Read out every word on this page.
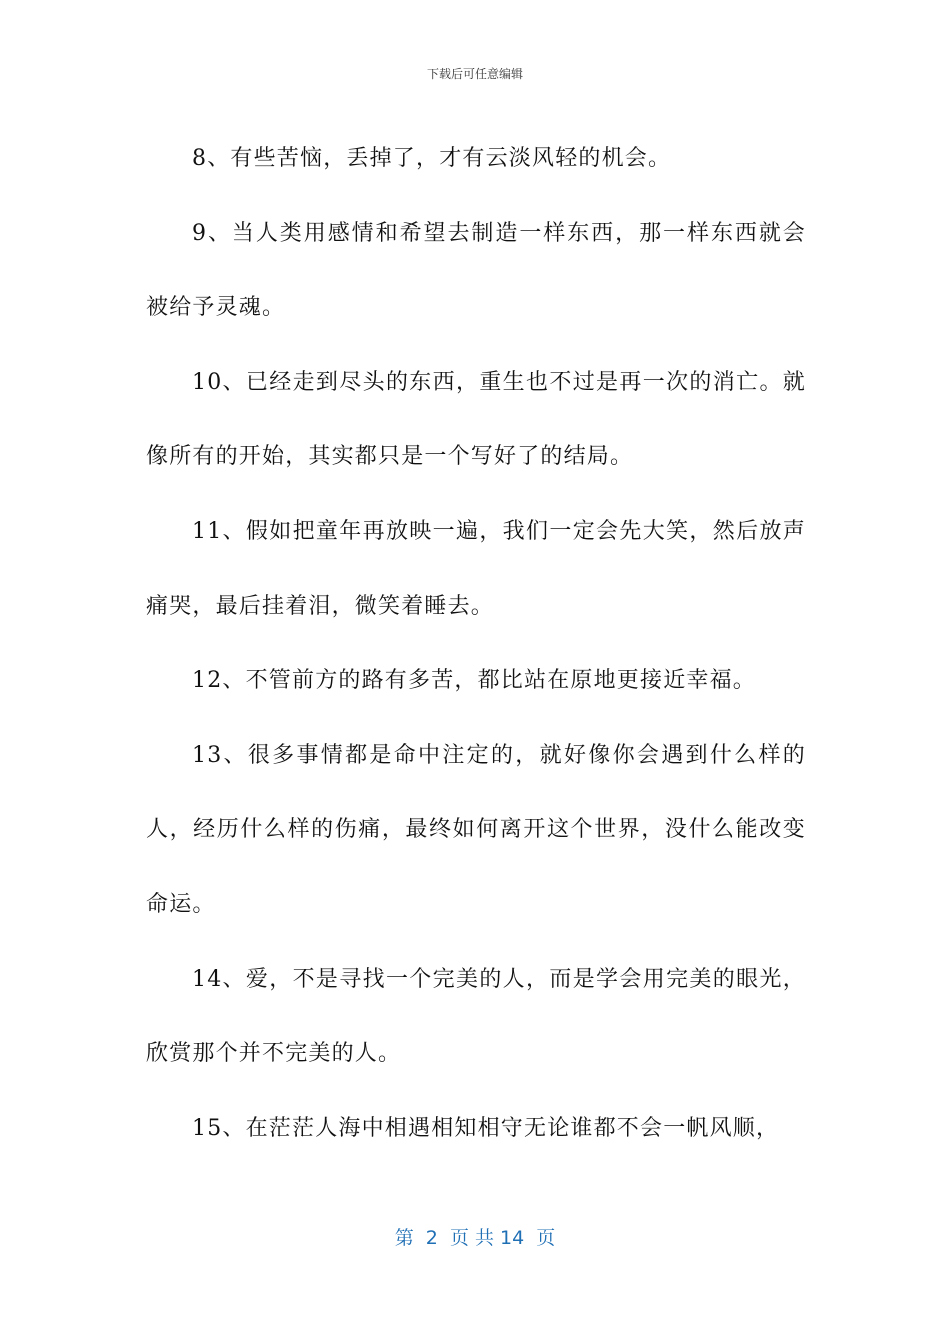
下载后可任意编辑

8、有些苦恼，丢掉了，才有云淡风轻的机会。

9、当人类用感情和希望去制造一样东西，那一样东西就会被给予灵魂。

10、已经走到尽头的东西，重生也不过是再一次的消亡。就像所有的开始，其实都只是一个写好了的结局。

11、假如把童年再放映一遍，我们一定会先大笑，然后放声痛哭，最后挂着泪，微笑着睡去。

12、不管前方的路有多苦，都比站在原地更接近幸福。

13、很多事情都是命中注定的，就好像你会遇到什么样的人，经历什么样的伤痛，最终如何离开这个世界，没什么能改变命运。

14、爱，不是寻找一个完美的人，而是学会用完美的眼光，欣赏那个并不完美的人。

15、在茫茫人海中相遇相知相守无论谁都不会一帆风顺，

第  2  页 共 14  页
